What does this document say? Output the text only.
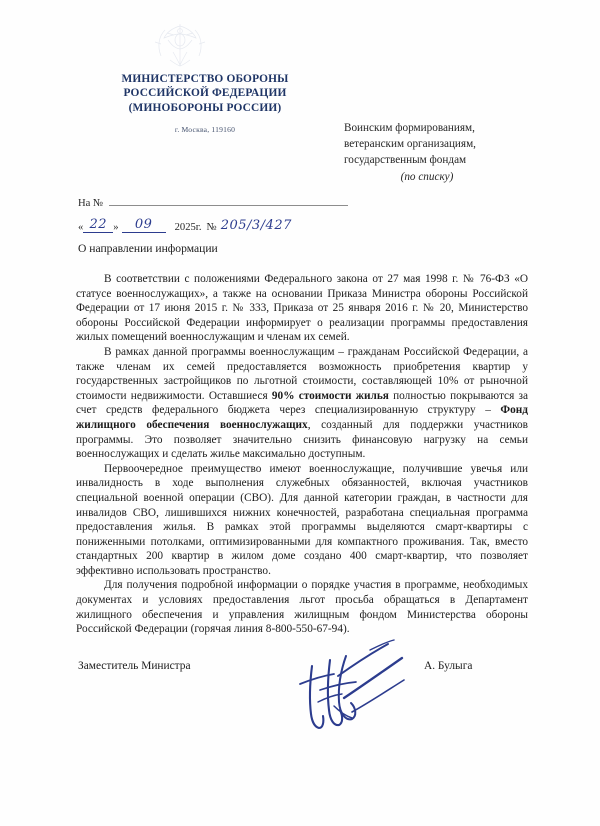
МИНИСТЕРСТВО ОБОРОНЫ
РОССИЙСКОЙ ФЕДЕРАЦИИ
(МИНОБОРОНЫ РОССИИ)
г. Москва, 119160	Воинским формированиям,
ветеранским организациям,
государственным фондам
(по списку)
На №
« 22 »	09	2025г. № 205/3/427
О направлении информации

В соответствии с положениями Федерального закона от 27 мая 1998 г. № 76-ФЗ «О статусе военнослужащих», а также на основании Приказа Министра обороны Российской Федерации от 17 июня 2015 г. № 333, Приказа от 25 января 2016 г. № 20, Министерство обороны Российской Федерации информирует о реализации программы предоставления жилых помещений военнослужащим и членам их семей.

В рамках данной программы военнослужащим – гражданам Российской Федерации, а также членам их семей предоставляется возможность приобретения квартир у государственных застройщиков по льготной стоимости, составляющей 10% от рыночной стоимости недвижимости. Оставшиеся 90% стоимости жилья полностью покрываются за счет средств федерального бюджета через специализированную структуру – Фонд жилищного обеспечения военнослужащих, созданный для поддержки участников программы. Это позволяет значительно снизить финансовую нагрузку на семьи военнослужащих и сделать жилье максимально доступным.

Первоочередное преимущество имеют военнослужащие, получившие увечья или инвалидность в ходе выполнения служебных обязанностей, включая участников специальной военной операции (СВО). Для данной категории граждан, в частности для инвалидов СВО, лишившихся нижних конечностей, разработана специальная программа предоставления жилья. В рамках этой программы выделяются смарт-квартиры с пониженными потолками, оптимизированными для компактного проживания. Так, вместо стандартных 200 квартир в жилом доме создано 400 смарт-квартир, что позволяет эффективно использовать пространство.

Для получения подробной информации о порядке участия в программе, необходимых документах и условиях предоставления льгот просьба обращаться в Департамент жилищного обеспечения и управления жилищным фондом Министерства обороны Российской Федерации (горячая линия 8-800-550-67-94).

Заместитель Министра	А. Булыга
